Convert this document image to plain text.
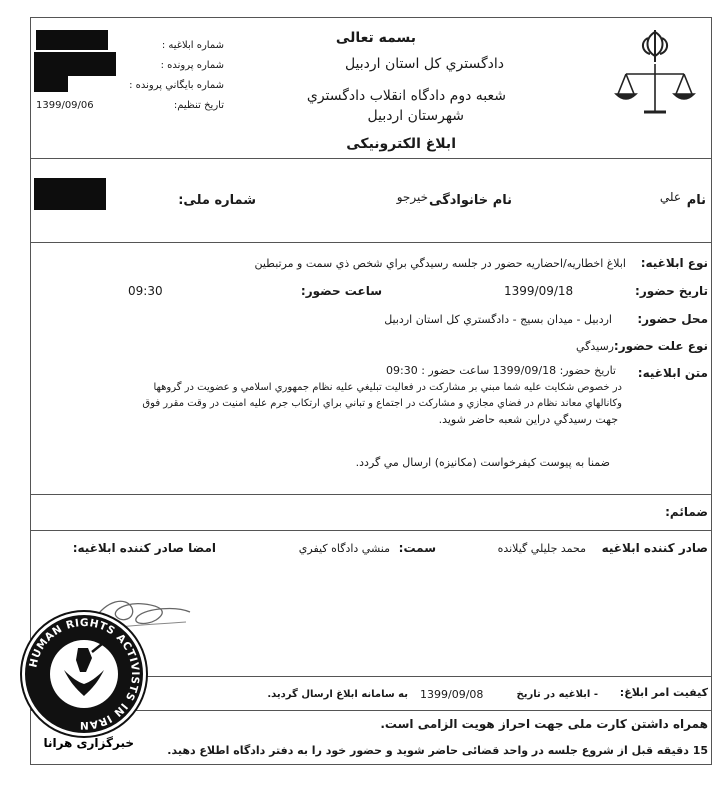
بسمه تعالی
دادگستري كل استان اردبيل
شعبه دوم دادگاه انقلاب دادگستري
شهرستان اردبيل
ابلاغ الکترونیکی
شماره ابلاغيه :
شماره پرونده :
شماره بايگاني پرونده :
تاريخ تنظيم:
1399/09/06
نام
علي
نام خانوادگی
خیرجو
شماره ملی:
نوع ابلاغیه:
ابلاغ اخطاريه/احضاريه حضور در جلسه رسيدگي براي شخص ذي سمت و مرتبطين
تاريخ حضور:
1399/09/18
ساعت حضور:
09:30
محل حضور:
اردبيل - ميدان بسيج - دادگستري كل استان اردبيل
نوع علت حضور:
رسيدگي
متن ابلاغیه:
تاريخ حضور: 1399/09/18 ساعت حضور : 09:30
در خصوص شكايت عليه شما مبني بر مشاركت در فعاليت تبليغي عليه نظام جمهوري اسلامي و عضويت در گروهها
وكانالهاي معاند نظام در فضاي مجازي و مشاركت در اجتماع و تباني براي ارتكاب جرم عليه امنيت در وقت مقرر فوق
جهت رسيدگي دراين شعبه حاضر شويد.
ضمنا به پيوست كيفرخواست (مكانيزه) ارسال مي گردد.
ضمائم:
صادر کننده ابلاغیه
محمد جليلي گيلانده
سمت:
منشي دادگاه كيفري
امضا صادر کننده ابلاغیه:
کیفیت امر ابلاغ:
- ابلاغیه در تاریخ
1399/09/08
به سامانه ابلاغ ارسال گردید.
همراه داشتن کارت ملی جهت احراز هویت الزامی است.
15 دقیقه قبل از شروع جلسه در واحد قضائی حاضر شوید و حضور خود را به دفتر دادگاه اطلاع دهید.
HUMAN RIGHTS ACTIVISTS IN IRAN
خبرگزاری هرانا
